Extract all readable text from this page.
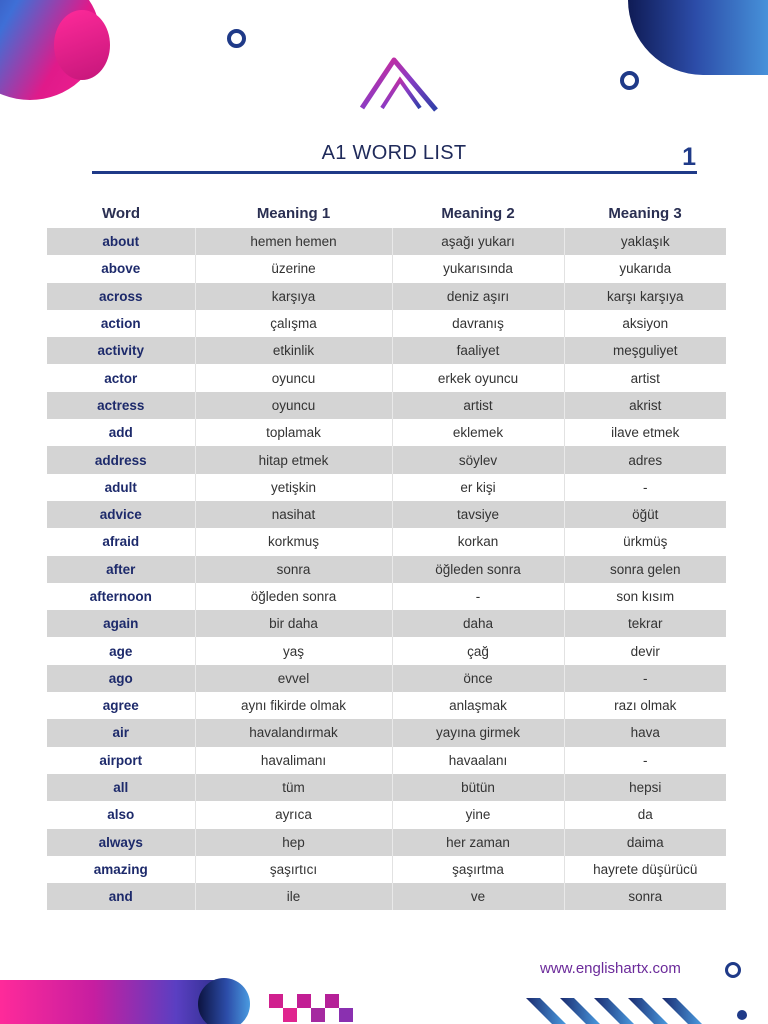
A1 WORD LIST	1
Word	Meaning 1	Meaning 2	Meaning 3
about	hemen hemen	aşağı yukarı	yaklaşık
above	üzerine	yukarısında	yukarıda
across	karşıya	deniz aşırı	karşı karşıya
action	çalışma	davranış	aksiyon
activity	etkinlik	faaliyet	meşguliyet
actor	oyuncu	erkek oyuncu	artist
actress	oyuncu	artist	akrist
add	toplamak	eklemek	ilave etmek
address	hitap etmek	söylev	adres
adult	yetişkin	er kişi	-
advice	nasihat	tavsiye	öğüt
afraid	korkmuş	korkan	ürkmüş
after	sonra	öğleden sonra	sonra gelen
afternoon	öğleden sonra	-	son kısım
again	bir daha	daha	tekrar
age	yaş	çağ	devir
ago	evvel	önce	-
agree	aynı fikirde olmak	anlaşmak	razı olmak
air	havalandırmak	yayına girmek	hava
airport	havalimanı	havaalanı	-
all	tüm	bütün	hepsi
also	ayrıca	yine	da
always	hep	her zaman	daima
amazing	şaşırtıcı	şaşırtma	hayrete düşürücü
and	ile	ve	sonra
www.englishartx.com
